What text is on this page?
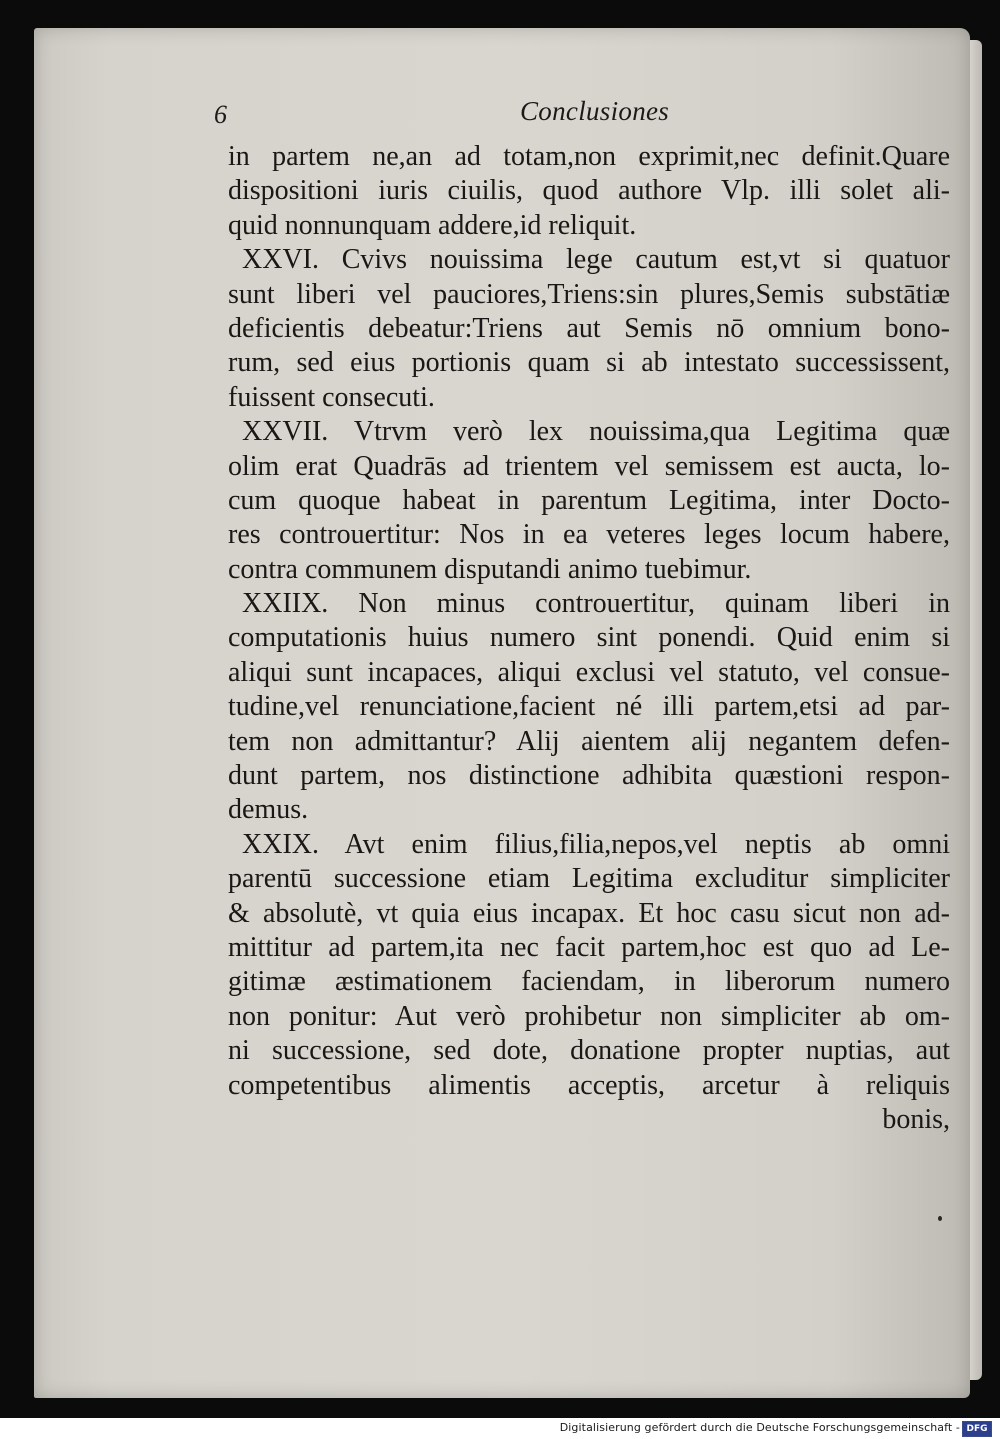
6	Conclusiones
in partem ne,an ad totam,non exprimit,nec definit.Quare
dispositioni iuris ciuilis, quod authore Vlp. illi solet ali-
quid nonnunquam addere,id reliquit.
XXVI. Cvivs nouissima lege cautum est,vt si quatuor
sunt liberi vel pauciores,Triens:sin plures,Semis substātiæ
deficientis debeatur:Triens aut Semis nō omnium bono-
rum, sed eius portionis quam si ab intestato successissent,
fuissent consecuti.
XXVII. Vtrvm verò lex nouissima,qua Legitima quæ
olim erat Quadrās ad trientem vel semissem est aucta, lo-
cum quoque habeat in parentum Legitima, inter Docto-
res controuertitur: Nos in ea veteres leges locum habere,
contra communem disputandi animo tuebimur.
XXIIX. Non minus controuertitur, quinam liberi in
computationis huius numero sint ponendi. Quid enim si
aliqui sunt incapaces, aliqui exclusi vel statuto, vel consue-
tudine,vel renunciatione,facient né illi partem,etsi ad par-
tem non admittantur? Alij aientem alij negantem defen-
dunt partem, nos distinctione adhibita quæstioni respon-
demus.
XXIX. Avt enim filius,filia,nepos,vel neptis ab omni
parentū successione etiam Legitima excluditur simpliciter
& absolutè, vt quia eius incapax. Et hoc casu sicut non ad-
mittitur ad partem,ita nec facit partem,hoc est quo ad Le-
gitimæ æstimationem faciendam, in liberorum numero
non ponitur: Aut verò prohibetur non simpliciter ab om-
ni successione, sed dote, donatione propter nuptias, aut
competentibus alimentis acceptis, arcetur à reliquis
bonis,
Digitalisierung gefördert durch die Deutsche Forschungsgemeinschaft - DFG
